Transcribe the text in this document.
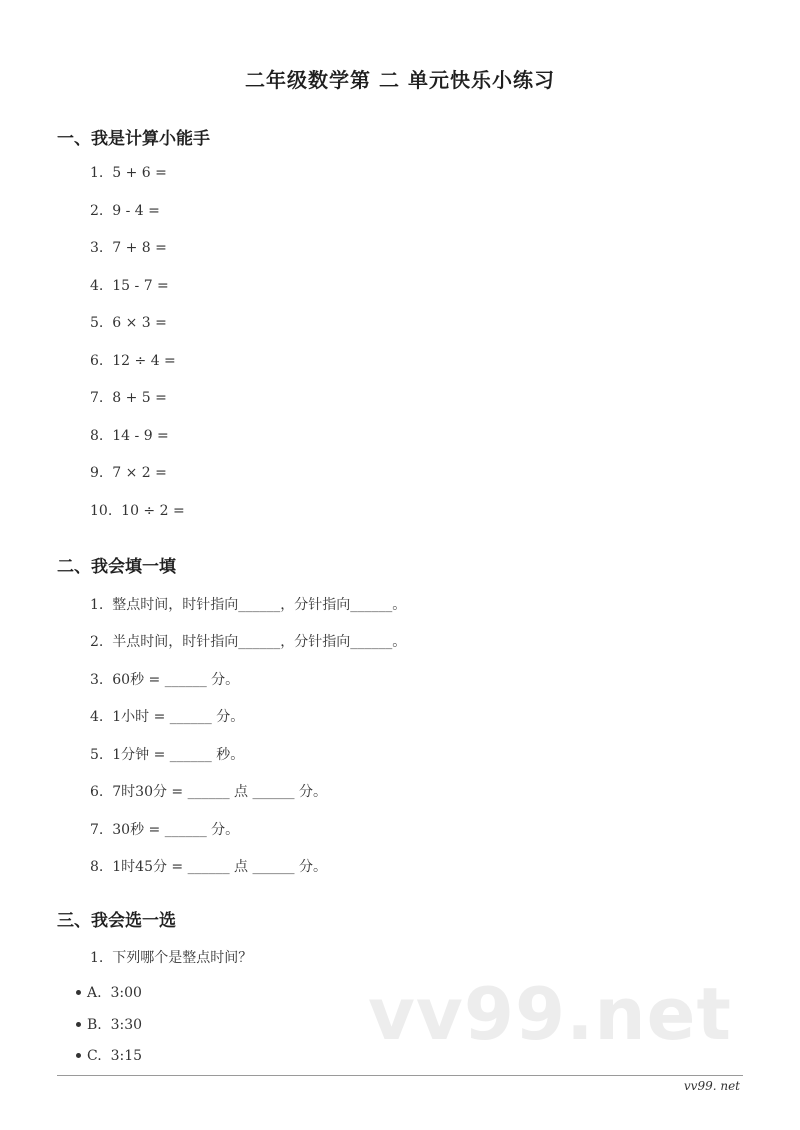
二年级数学第 二 单元快乐小练习
一、我是计算小能手
1.  5 + 6 =
2.  9 - 4 =
3.  7 + 8 =
4.  15 - 7 =
5.  6 × 3 =
6.  12 ÷ 4 =
7.  8 + 5 =
8.  14 - 9 =
9.  7 × 2 =
10.  10 ÷ 2 =
二、我会填一填
1.  整点时间，时针指向______，分针指向______。
2.  半点时间，时针指向______，分针指向______。
3.  60秒 = ______ 分。
4.  1小时 = ______ 分。
5.  1分钟 = ______ 秒。
6.  7时30分 = ______ 点 ______ 分。
7.  30秒 = ______ 分。
8.  1时45分 = ______ 点 ______ 分。
三、我会选一选
1.  下列哪个是整点时间？
A.  3:00
B.  3:30
C.  3:15	vv99.net
vv99. net
